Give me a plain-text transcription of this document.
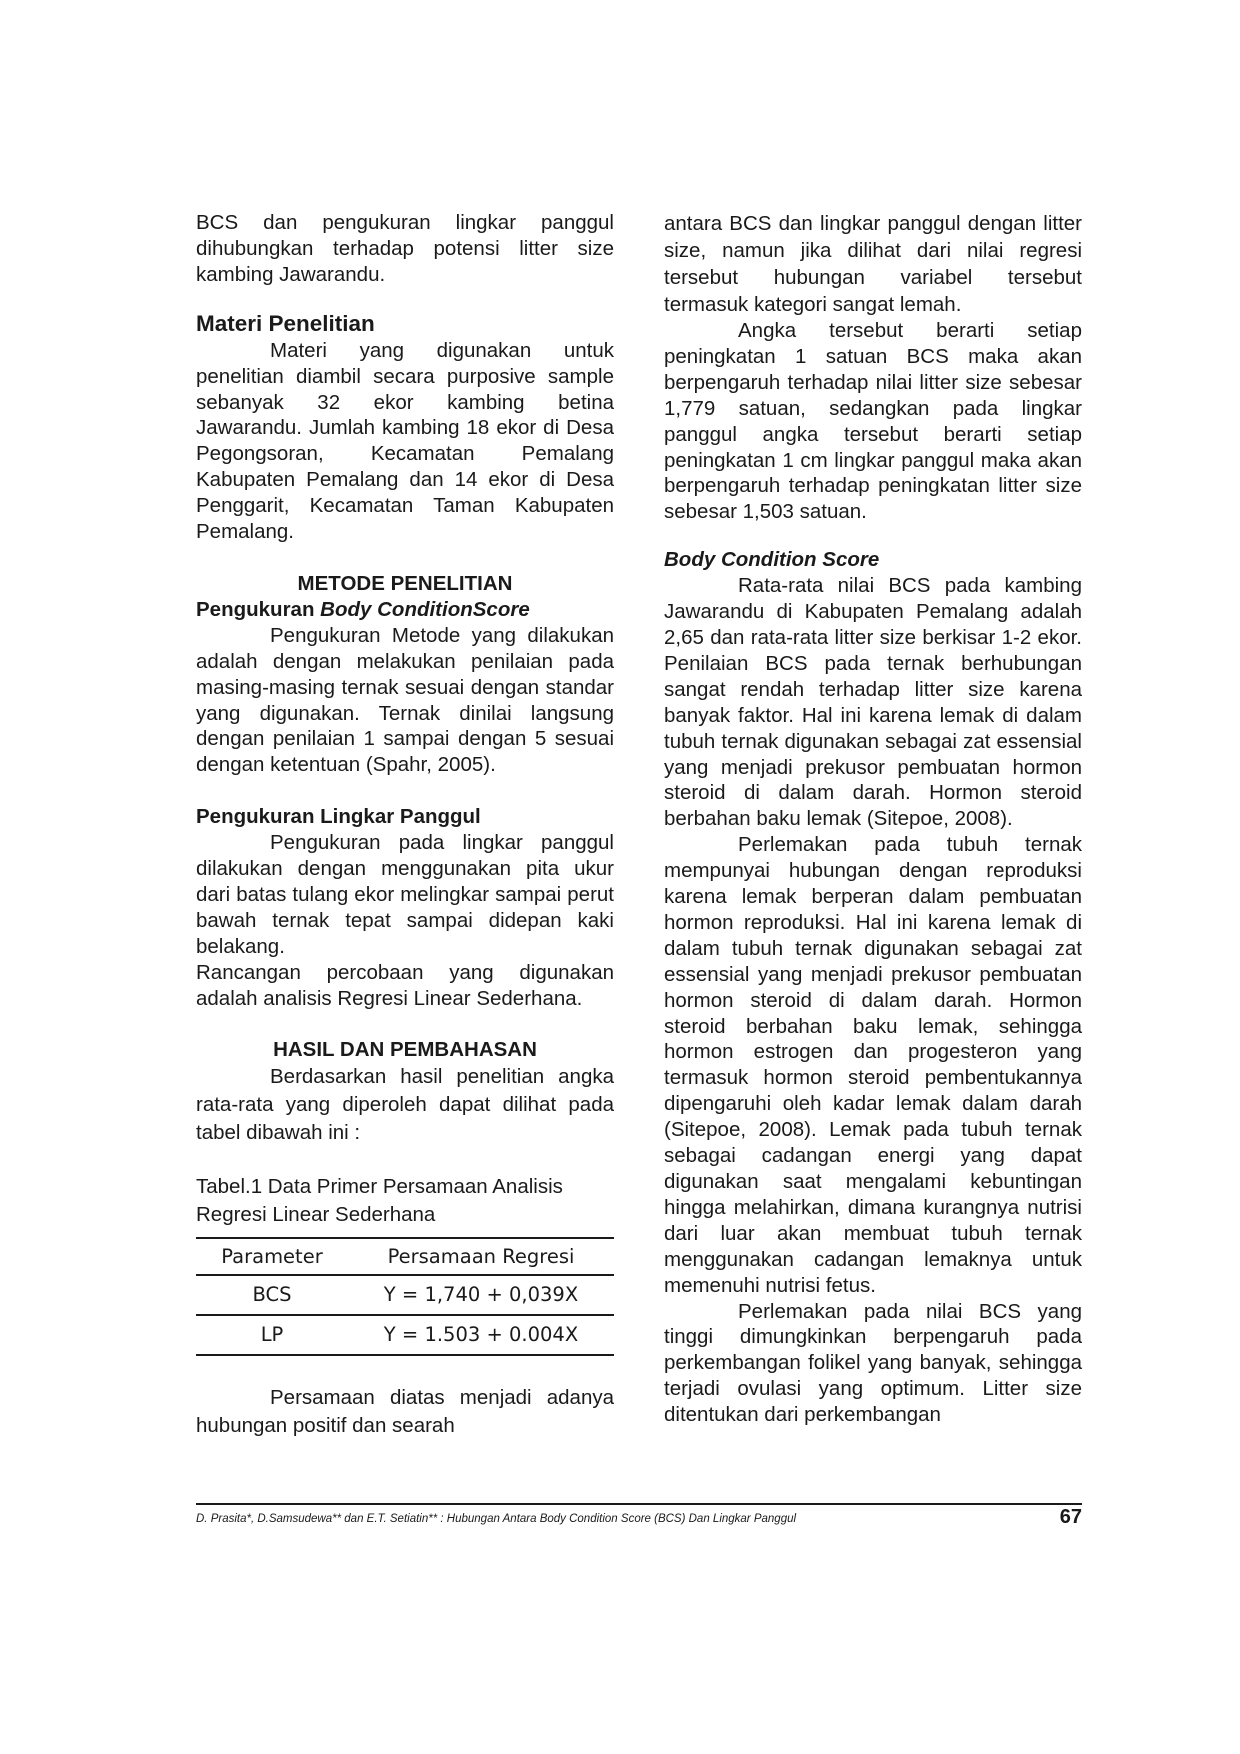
BCS dan pengukuran lingkar panggul dihubungkan terhadap potensi litter size kambing Jawarandu.

Materi Penelitian

Materi yang digunakan untuk penelitian diambil secara purposive sample sebanyak 32 ekor kambing betina Jawarandu. Jumlah kambing 18 ekor di Desa Pegongsoran, Kecamatan Pemalang Kabupaten Pemalang dan 14 ekor di Desa Penggarit, Kecamatan Taman Kabupaten Pemalang.

METODE PENELITIAN

Pengukuran Body ConditionScore

Pengukuran Metode yang dilakukan adalah dengan melakukan penilaian pada masing-masing ternak sesuai dengan standar yang digunakan. Ternak dinilai langsung dengan penilaian 1 sampai dengan 5 sesuai dengan ketentuan (Spahr, 2005).

Pengukuran Lingkar Panggul

Pengukuran pada lingkar panggul dilakukan dengan menggunakan pita ukur dari batas tulang ekor melingkar sampai perut bawah ternak tepat sampai didepan kaki belakang.

Rancangan percobaan yang digunakan adalah analisis Regresi Linear Sederhana.

HASIL DAN PEMBAHASAN

Berdasarkan hasil penelitian angka rata-rata yang diperoleh dapat dilihat pada tabel dibawah ini :

Tabel.1 Data Primer Persamaan Analisis Regresi Linear Sederhana

Parameter	Persamaan Regresi
BCS	Y = 1,740 + 0,039X
LP	Y = 1.503 + 0.004X

Persamaan diatas menjadi adanya hubungan positif dan searah

antara BCS dan lingkar panggul dengan litter size, namun jika dilihat dari nilai regresi tersebut hubungan variabel tersebut termasuk kategori sangat lemah.

Angka tersebut berarti setiap peningkatan 1 satuan BCS maka akan berpengaruh terhadap nilai litter size sebesar 1,779 satuan, sedangkan pada lingkar panggul angka tersebut berarti setiap peningkatan 1 cm lingkar panggul maka akan berpengaruh terhadap peningkatan litter size sebesar 1,503 satuan.

Body Condition Score

Rata-rata nilai BCS pada kambing Jawarandu di Kabupaten Pemalang adalah 2,65 dan rata-rata litter size berkisar 1-2 ekor. Penilaian BCS pada ternak berhubungan sangat rendah terhadap litter size karena banyak faktor. Hal ini karena lemak di dalam tubuh ternak digunakan sebagai zat essensial yang menjadi prekusor pembuatan hormon steroid di dalam darah. Hormon steroid berbahan baku lemak (Sitepoe, 2008).

Perlemakan pada tubuh ternak mempunyai hubungan dengan reproduksi karena lemak berperan dalam pembuatan hormon reproduksi. Hal ini karena lemak di dalam tubuh ternak digunakan sebagai zat essensial yang menjadi prekusor pembuatan hormon steroid di dalam darah. Hormon steroid berbahan baku lemak, sehingga hormon estrogen dan progesteron yang termasuk hormon steroid pembentukannya dipengaruhi oleh kadar lemak dalam darah (Sitepoe, 2008). Lemak pada tubuh ternak sebagai cadangan energi yang dapat digunakan saat mengalami kebuntingan hingga melahirkan, dimana kurangnya nutrisi dari luar akan membuat tubuh ternak menggunakan cadangan lemaknya untuk memenuhi nutrisi fetus.

Perlemakan pada nilai BCS yang tinggi dimungkinkan berpengaruh pada perkembangan folikel yang banyak, sehingga terjadi ovulasi yang optimum. Litter size ditentukan dari perkembangan

D. Prasita*, D.Samsudewa** dan E.T. Setiatin** : Hubungan Antara Body Condition Score (BCS) Dan Lingkar Panggul	67
